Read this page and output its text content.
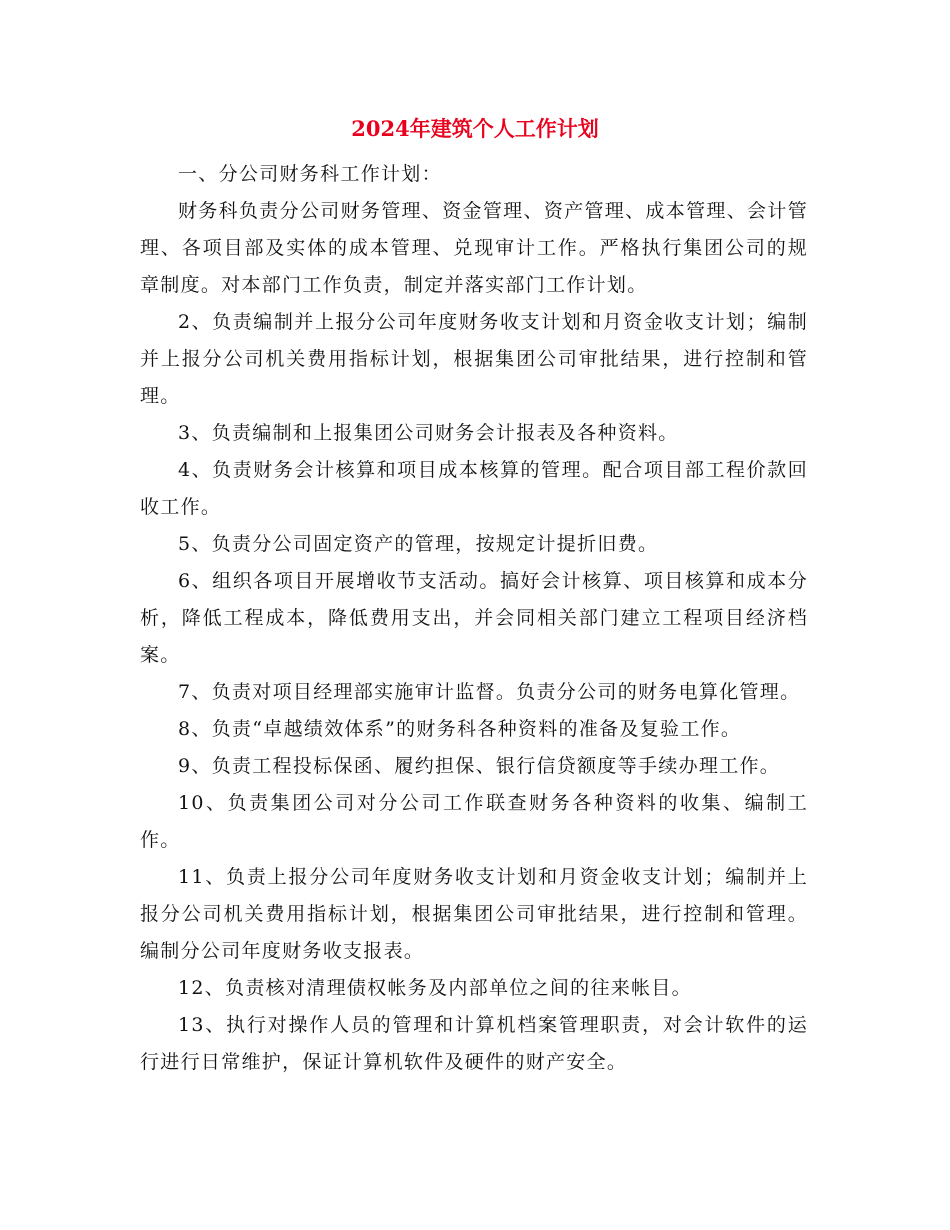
2024年建筑个人工作计划

一、分公司财务科工作计划：

财务科负责分公司财务管理、资金管理、资产管理、成本管理、会计管理、各项目部及实体的成本管理、兑现审计工作。严格执行集团公司的规章制度。对本部门工作负责，制定并落实部门工作计划。

2、负责编制并上报分公司年度财务收支计划和月资金收支计划；编制并上报分公司机关费用指标计划，根据集团公司审批结果，进行控制和管理。

3、负责编制和上报集团公司财务会计报表及各种资料。

4、负责财务会计核算和项目成本核算的管理。配合项目部工程价款回收工作。

5、负责分公司固定资产的管理，按规定计提折旧费。

6、组织各项目开展增收节支活动。搞好会计核算、项目核算和成本分析，降低工程成本，降低费用支出，并会同相关部门建立工程项目经济档案。

7、负责对项目经理部实施审计监督。负责分公司的财务电算化管理。

8、负责“卓越绩效体系”的财务科各种资料的准备及复验工作。

9、负责工程投标保函、履约担保、银行信贷额度等手续办理工作。

10、负责集团公司对分公司工作联查财务各种资料的收集、编制工作。

11、负责上报分公司年度财务收支计划和月资金收支计划；编制并上报分公司机关费用指标计划，根据集团公司审批结果，进行控制和管理。编制分公司年度财务收支报表。

12、负责核对清理债权帐务及内部单位之间的往来帐目。

13、执行对操作人员的管理和计算机档案管理职责，对会计软件的运行进行日常维护，保证计算机软件及硬件的财产安全。
